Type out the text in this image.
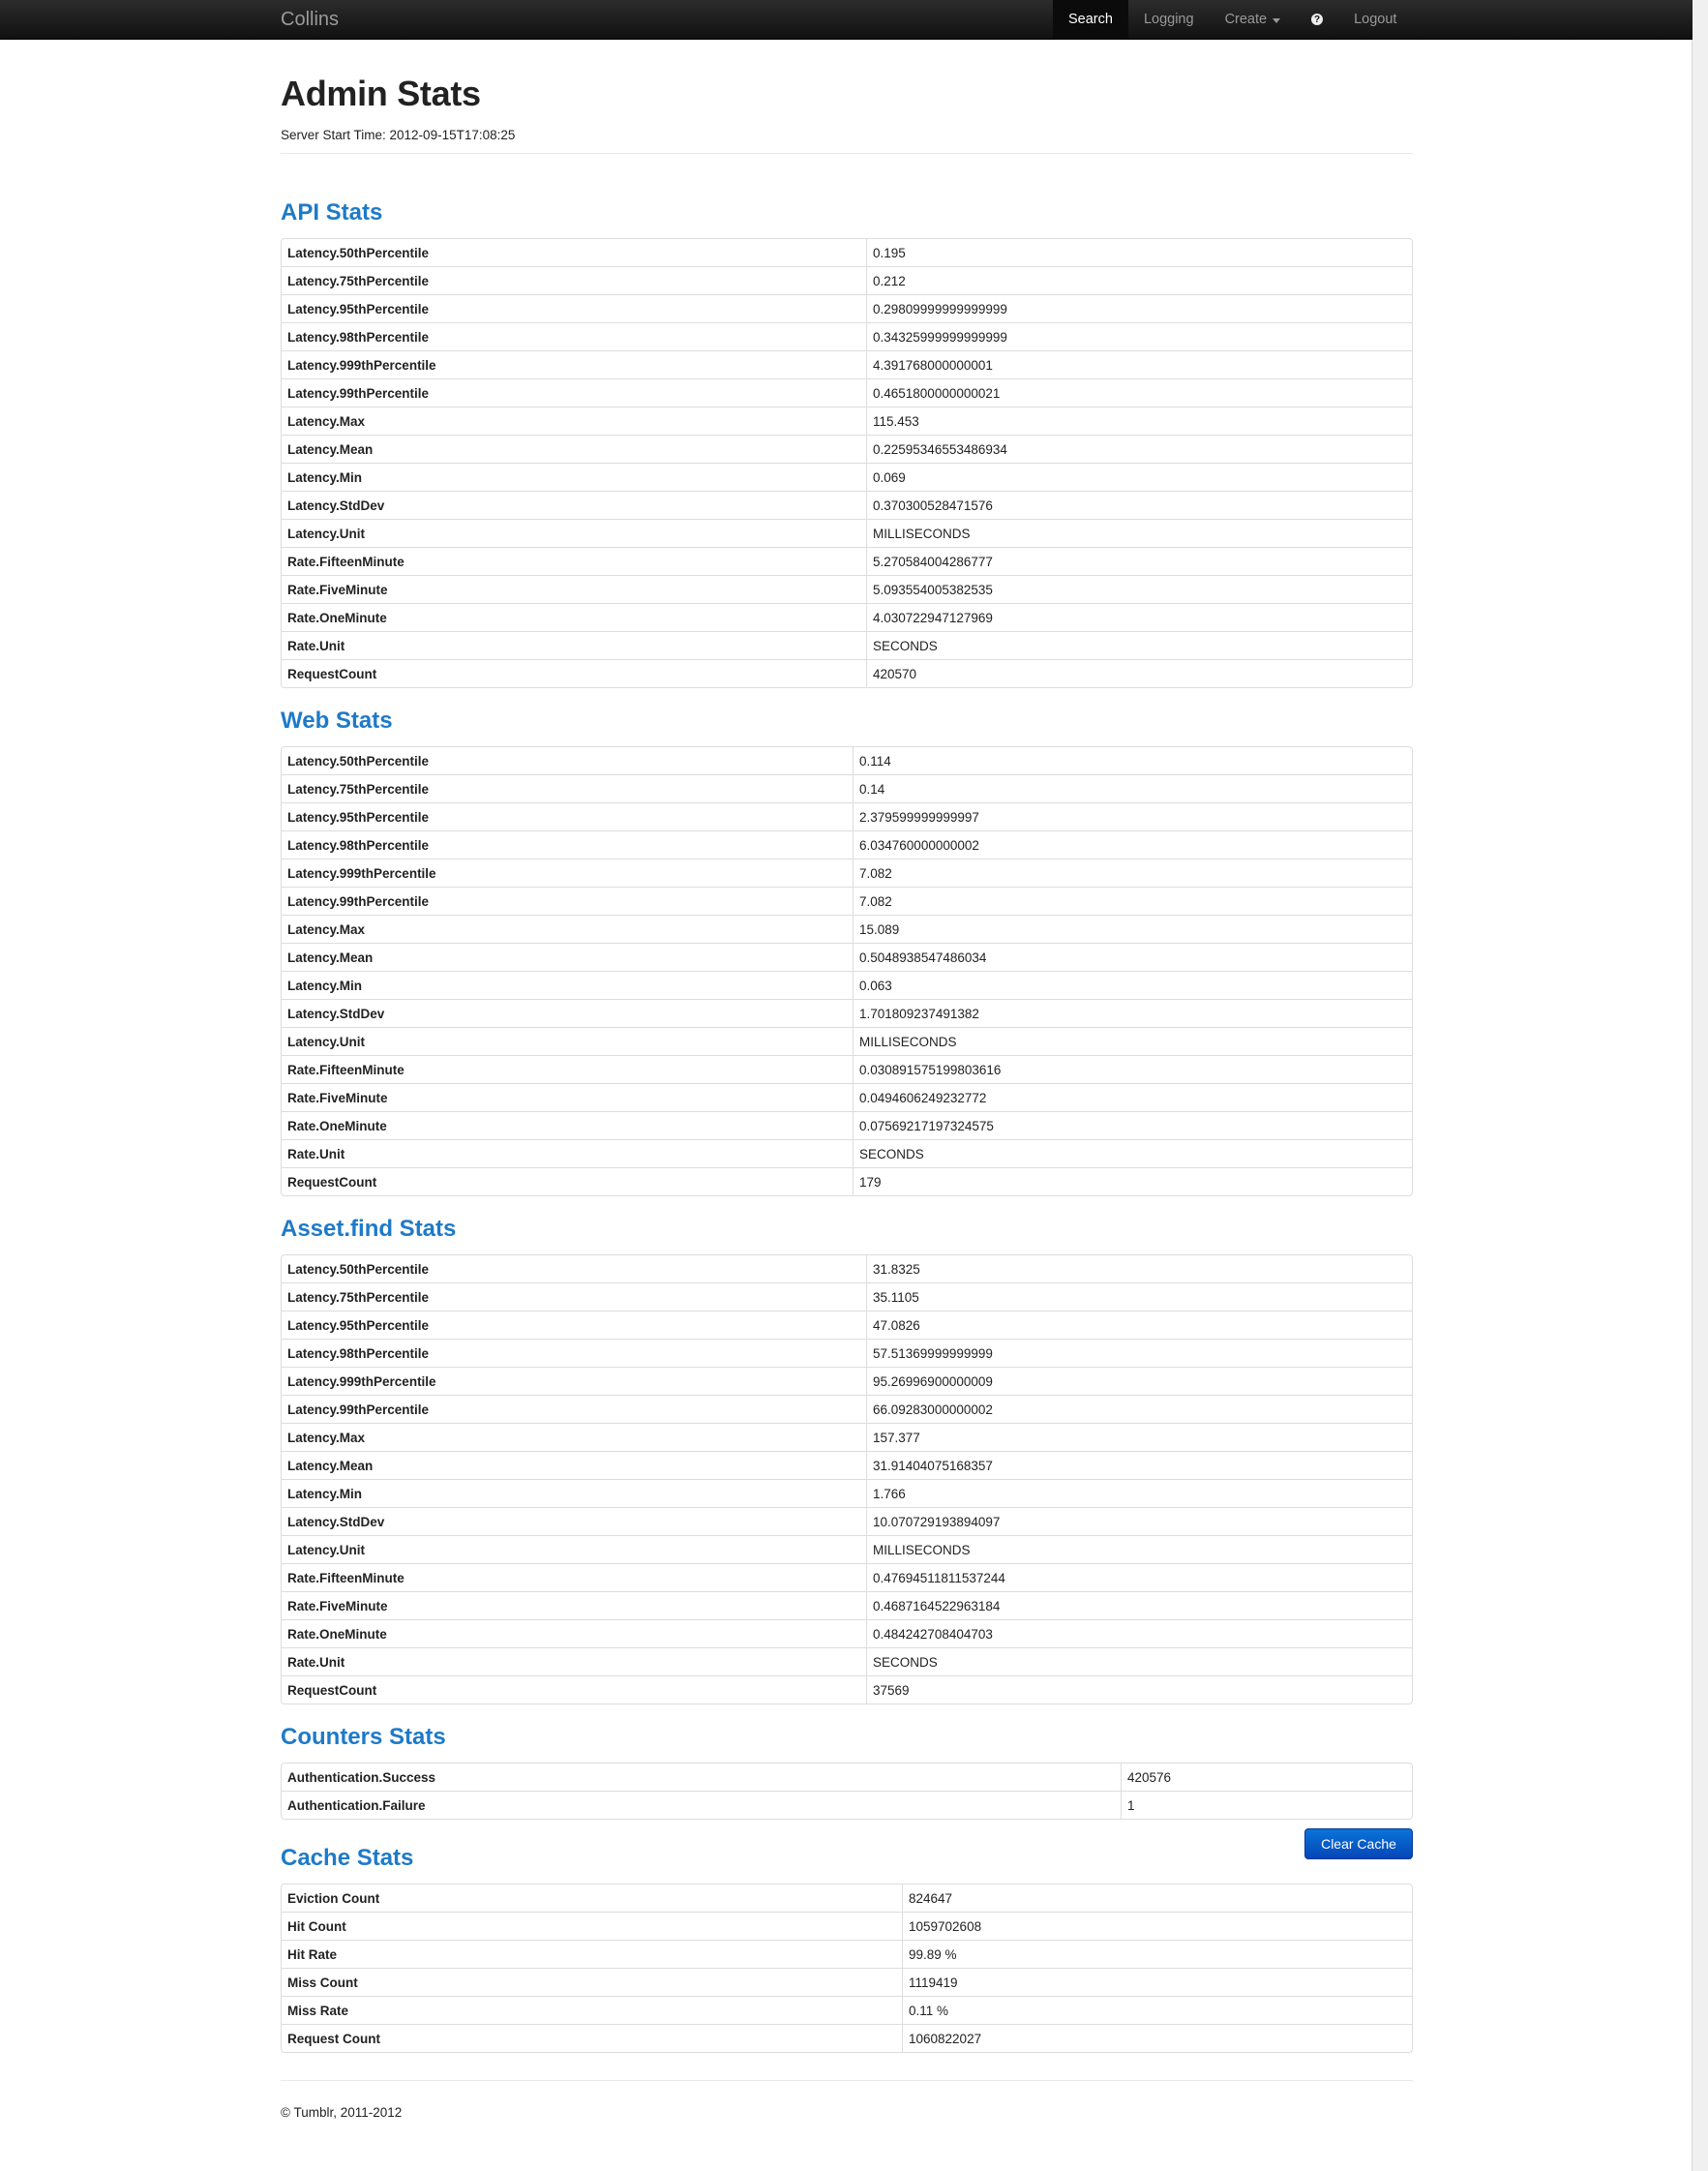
Collins	Search Logging Create	? Logout
Admin Stats
Server Start Time: 2012-09-15T17:08:25
API Stats
Latency.50thPercentile	0.195
Latency.75thPercentile	0.212
Latency.95thPercentile	0.29809999999999999
Latency.98thPercentile	0.34325999999999999
Latency.999thPercentile	4.391768000000001
Latency.99thPercentile	0.4651800000000021
Latency.Max	115.453
Latency.Mean	0.22595346553486934
Latency.Min	0.069
Latency.StdDev	0.370300528471576
Latency.Unit	MILLISECONDS
Rate.FifteenMinute	5.270584004286777
Rate.FiveMinute	5.093554005382535
Rate.OneMinute	4.030722947127969
Rate.Unit	SECONDS
RequestCount	420570
Web Stats
Latency.50thPercentile	0.114
Latency.75thPercentile	0.14
Latency.95thPercentile	2.379599999999997
Latency.98thPercentile	6.034760000000002
Latency.999thPercentile	7.082
Latency.99thPercentile	7.082
Latency.Max	15.089
Latency.Mean	0.5048938547486034
Latency.Min	0.063
Latency.StdDev	1.701809237491382
Latency.Unit	MILLISECONDS
Rate.FifteenMinute	0.030891575199803616
Rate.FiveMinute	0.0494606249232772
Rate.OneMinute	0.07569217197324575
Rate.Unit	SECONDS
RequestCount	179
Asset.find Stats
Latency.50thPercentile	31.8325
Latency.75thPercentile	35.1105
Latency.95thPercentile	47.0826
Latency.98thPercentile	57.51369999999999
Latency.999thPercentile	95.26996900000009
Latency.99thPercentile	66.09283000000002
Latency.Max	157.377
Latency.Mean	31.91404075168357
Latency.Min	1.766
Latency.StdDev	10.070729193894097
Latency.Unit	MILLISECONDS
Rate.FifteenMinute	0.47694511811537244
Rate.FiveMinute	0.4687164522963184
Rate.OneMinute	0.484242708404703
Rate.Unit	SECONDS
RequestCount	37569
Counters Stats
Authentication.Success	420576
Authentication.Failure	1
Clear Cache
Cache Stats
Eviction Count	824647
Hit Count	1059702608
Hit Rate	99.89 %
Miss Count	1119419
Miss Rate	0.11 %
Request Count	1060822027
© Tumblr, 2011-2012
